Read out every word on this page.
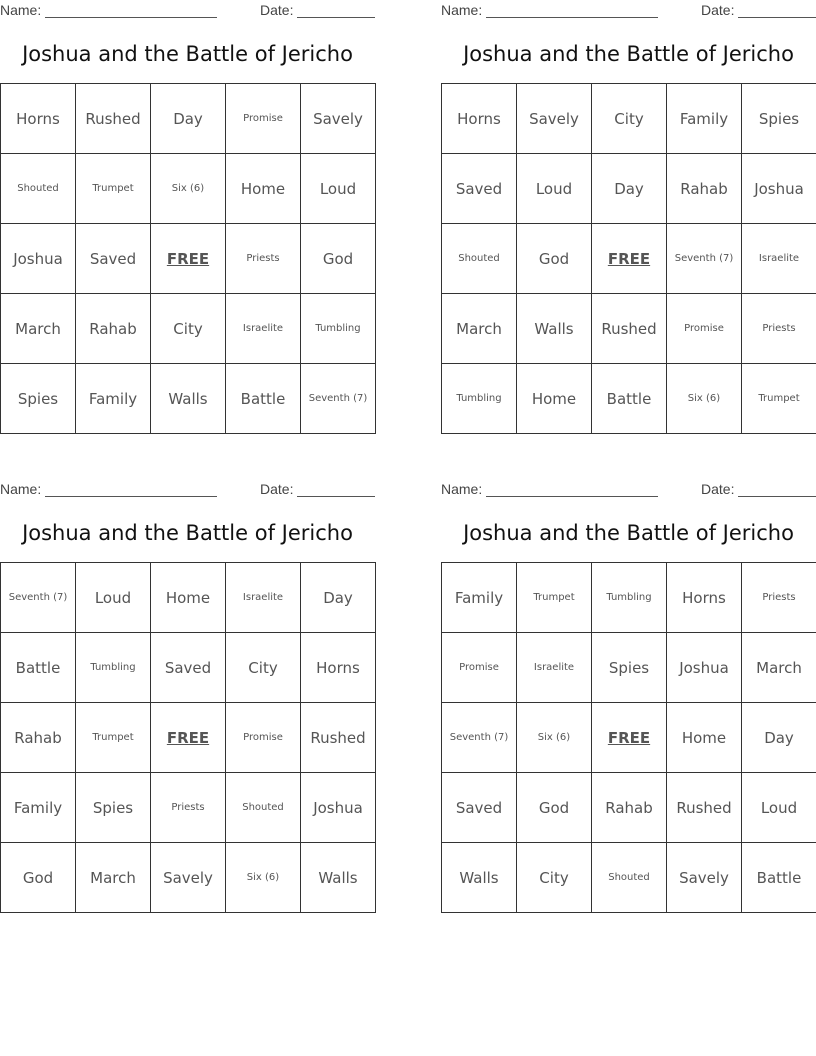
Name:	Date:
Joshua and the Battle of Jericho
Horns	Rushed	Day	Promise	Savely
Shouted	Trumpet	Six (6)	Home	Loud
Joshua	Saved	FREE	Priests	God
March	Rahab	City	Israelite	Tumbling
Spies	Family	Walls	Battle	Seventh (7)
Name:	Date:
Joshua and the Battle of Jericho
Horns	Savely	City	Family	Spies
Saved	Loud	Day	Rahab	Joshua
Shouted	God	FREE	Seventh (7)	Israelite
March	Walls	Rushed	Promise	Priests
Tumbling	Home	Battle	Six (6)	Trumpet
Name:	Date:
Joshua and the Battle of Jericho
Seventh (7)	Loud	Home	Israelite	Day
Battle	Tumbling	Saved	City	Horns
Rahab	Trumpet	FREE	Promise	Rushed
Family	Spies	Priests	Shouted	Joshua
God	March	Savely	Six (6)	Walls
Name:	Date:
Joshua and the Battle of Jericho
Family	Trumpet	Tumbling	Horns	Priests
Promise	Israelite	Spies	Joshua	March
Seventh (7)	Six (6)	FREE	Home	Day
Saved	God	Rahab	Rushed	Loud
Walls	City	Shouted	Savely	Battle
